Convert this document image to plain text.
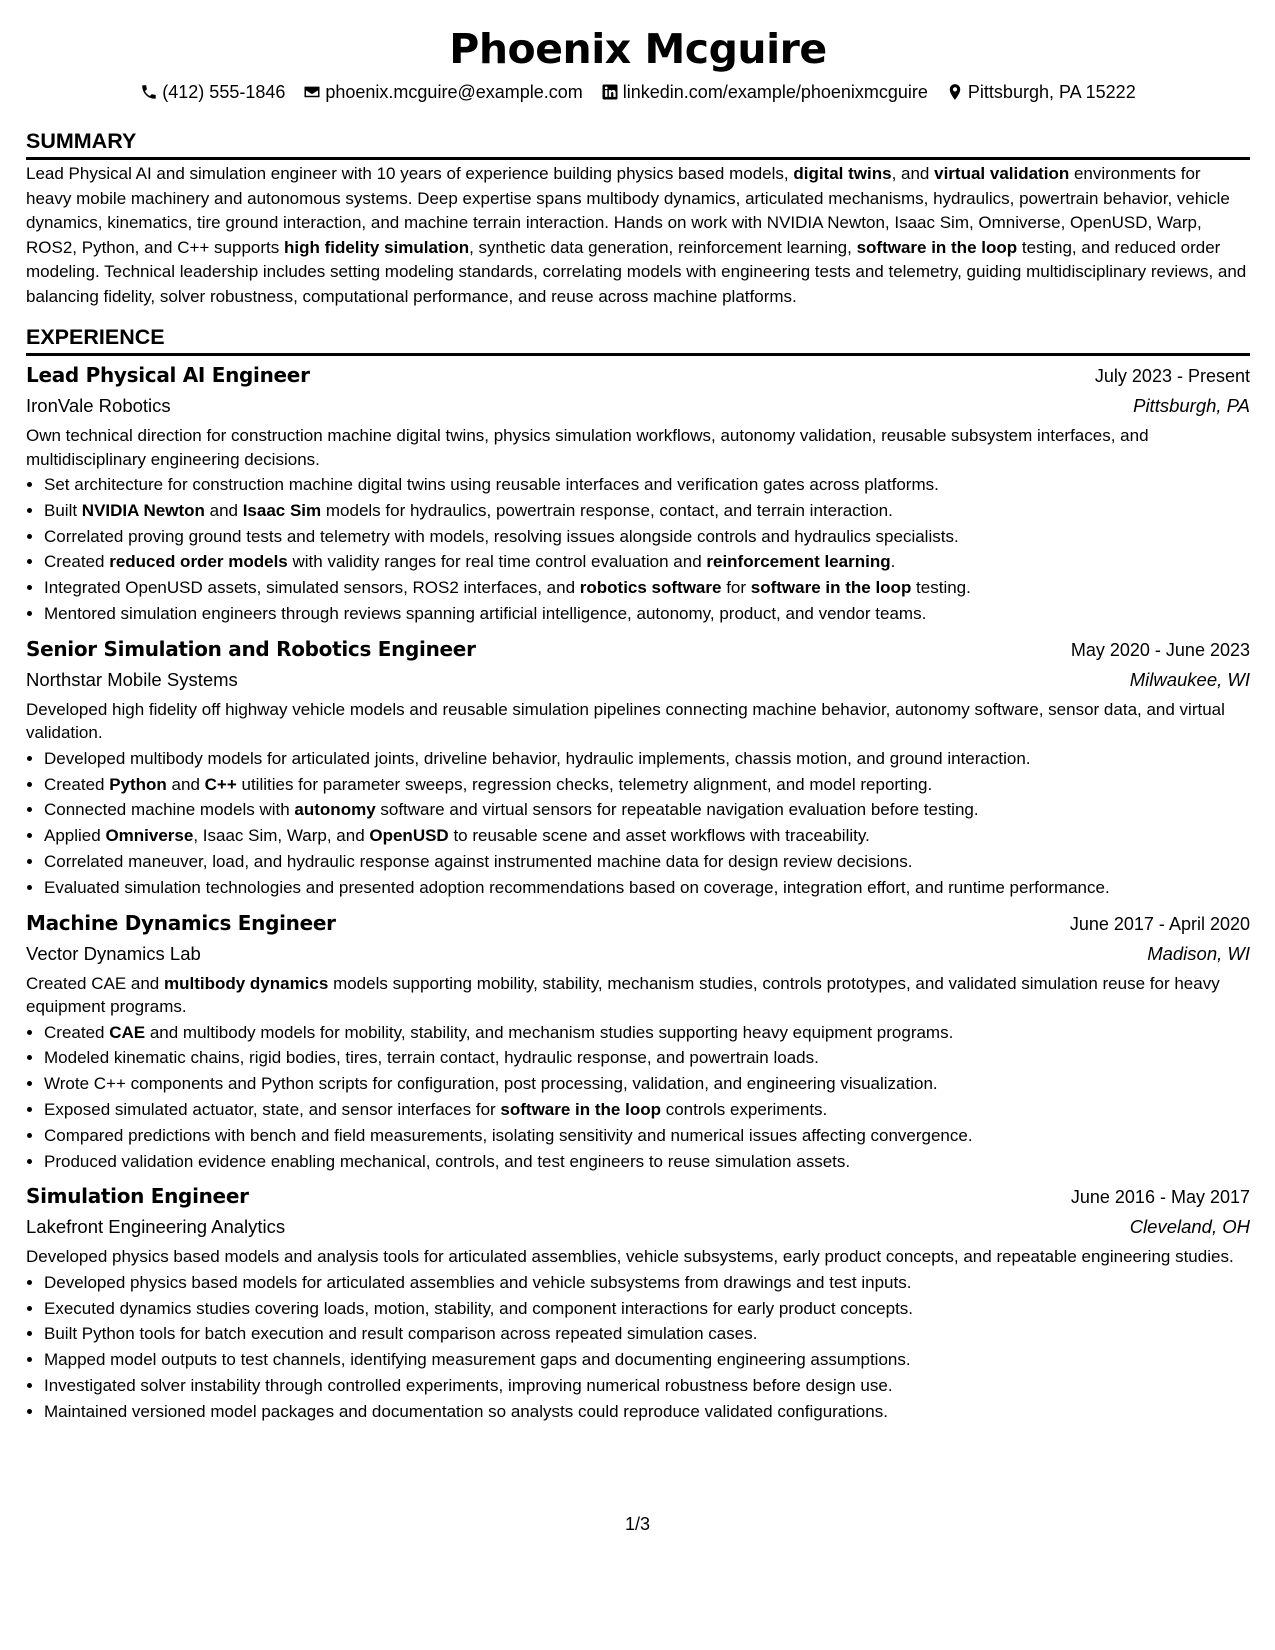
Phoenix Mcguire
(412) 555-1846 phoenix.mcguire@example.com linkedin.com/example/phoenixmcguire Pittsburgh, PA 15222
SUMMARY

Lead Physical AI and simulation engineer with 10 years of experience building physics based models, digital twins, and virtual validation environments for heavy mobile machinery and autonomous systems. Deep expertise spans multibody dynamics, articulated mechanisms, hydraulics, powertrain behavior, vehicle dynamics, kinematics, tire ground interaction, and machine terrain interaction. Hands on work with NVIDIA Newton, Isaac Sim, Omniverse, OpenUSD, Warp, ROS2, Python, and C++ supports high fidelity simulation, synthetic data generation, reinforcement learning, software in the loop testing, and reduced order modeling. Technical leadership includes setting modeling standards, correlating models with engineering tests and telemetry, guiding multidisciplinary reviews, and balancing fidelity, solver robustness, computational performance, and reuse across machine platforms.

EXPERIENCE
Lead Physical AI Engineer	July 2023 - Present
IronVale Robotics	Pittsburgh, PA

Own technical direction for construction machine digital twins, physics simulation workflows, autonomy validation, reusable subsystem interfaces, and multidisciplinary engineering decisions.

• Set architecture for construction machine digital twins using reusable interfaces and verification gates across platforms.
• Built NVIDIA Newton and Isaac Sim models for hydraulics, powertrain response, contact, and terrain interaction.
• Correlated proving ground tests and telemetry with models, resolving issues alongside controls and hydraulics specialists.
• Created reduced order models with validity ranges for real time control evaluation and reinforcement learning.
• Integrated OpenUSD assets, simulated sensors, ROS2 interfaces, and robotics software for software in the loop testing.
• Mentored simulation engineers through reviews spanning artificial intelligence, autonomy, product, and vendor teams.
Senior Simulation and Robotics Engineer	May 2020 - June 2023
Northstar Mobile Systems	Milwaukee, WI

Developed high fidelity off highway vehicle models and reusable simulation pipelines connecting machine behavior, autonomy software, sensor data, and virtual validation.

• Developed multibody models for articulated joints, driveline behavior, hydraulic implements, chassis motion, and ground interaction.
• Created Python and C++ utilities for parameter sweeps, regression checks, telemetry alignment, and model reporting.
• Connected machine models with autonomy software and virtual sensors for repeatable navigation evaluation before testing.
• Applied Omniverse, Isaac Sim, Warp, and OpenUSD to reusable scene and asset workflows with traceability.
• Correlated maneuver, load, and hydraulic response against instrumented machine data for design review decisions.
• Evaluated simulation technologies and presented adoption recommendations based on coverage, integration effort, and runtime performance.
Machine Dynamics Engineer	June 2017 - April 2020
Vector Dynamics Lab	Madison, WI

Created CAE and multibody dynamics models supporting mobility, stability, mechanism studies, controls prototypes, and validated simulation reuse for heavy equipment programs.

• Created CAE and multibody models for mobility, stability, and mechanism studies supporting heavy equipment programs.
• Modeled kinematic chains, rigid bodies, tires, terrain contact, hydraulic response, and powertrain loads.
• Wrote C++ components and Python scripts for configuration, post processing, validation, and engineering visualization.
• Exposed simulated actuator, state, and sensor interfaces for software in the loop controls experiments.
• Compared predictions with bench and field measurements, isolating sensitivity and numerical issues affecting convergence.
• Produced validation evidence enabling mechanical, controls, and test engineers to reuse simulation assets.
Simulation Engineer	June 2016 - May 2017
Lakefront Engineering Analytics	Cleveland, OH

Developed physics based models and analysis tools for articulated assemblies, vehicle subsystems, early product concepts, and repeatable engineering studies.

• Developed physics based models for articulated assemblies and vehicle subsystems from drawings and test inputs.
• Executed dynamics studies covering loads, motion, stability, and component interactions for early product concepts.
• Built Python tools for batch execution and result comparison across repeated simulation cases.
• Mapped model outputs to test channels, identifying measurement gaps and documenting engineering assumptions.
• Investigated solver instability through controlled experiments, improving numerical robustness before design use.
• Maintained versioned model packages and documentation so analysts could reproduce validated configurations.
1/3
